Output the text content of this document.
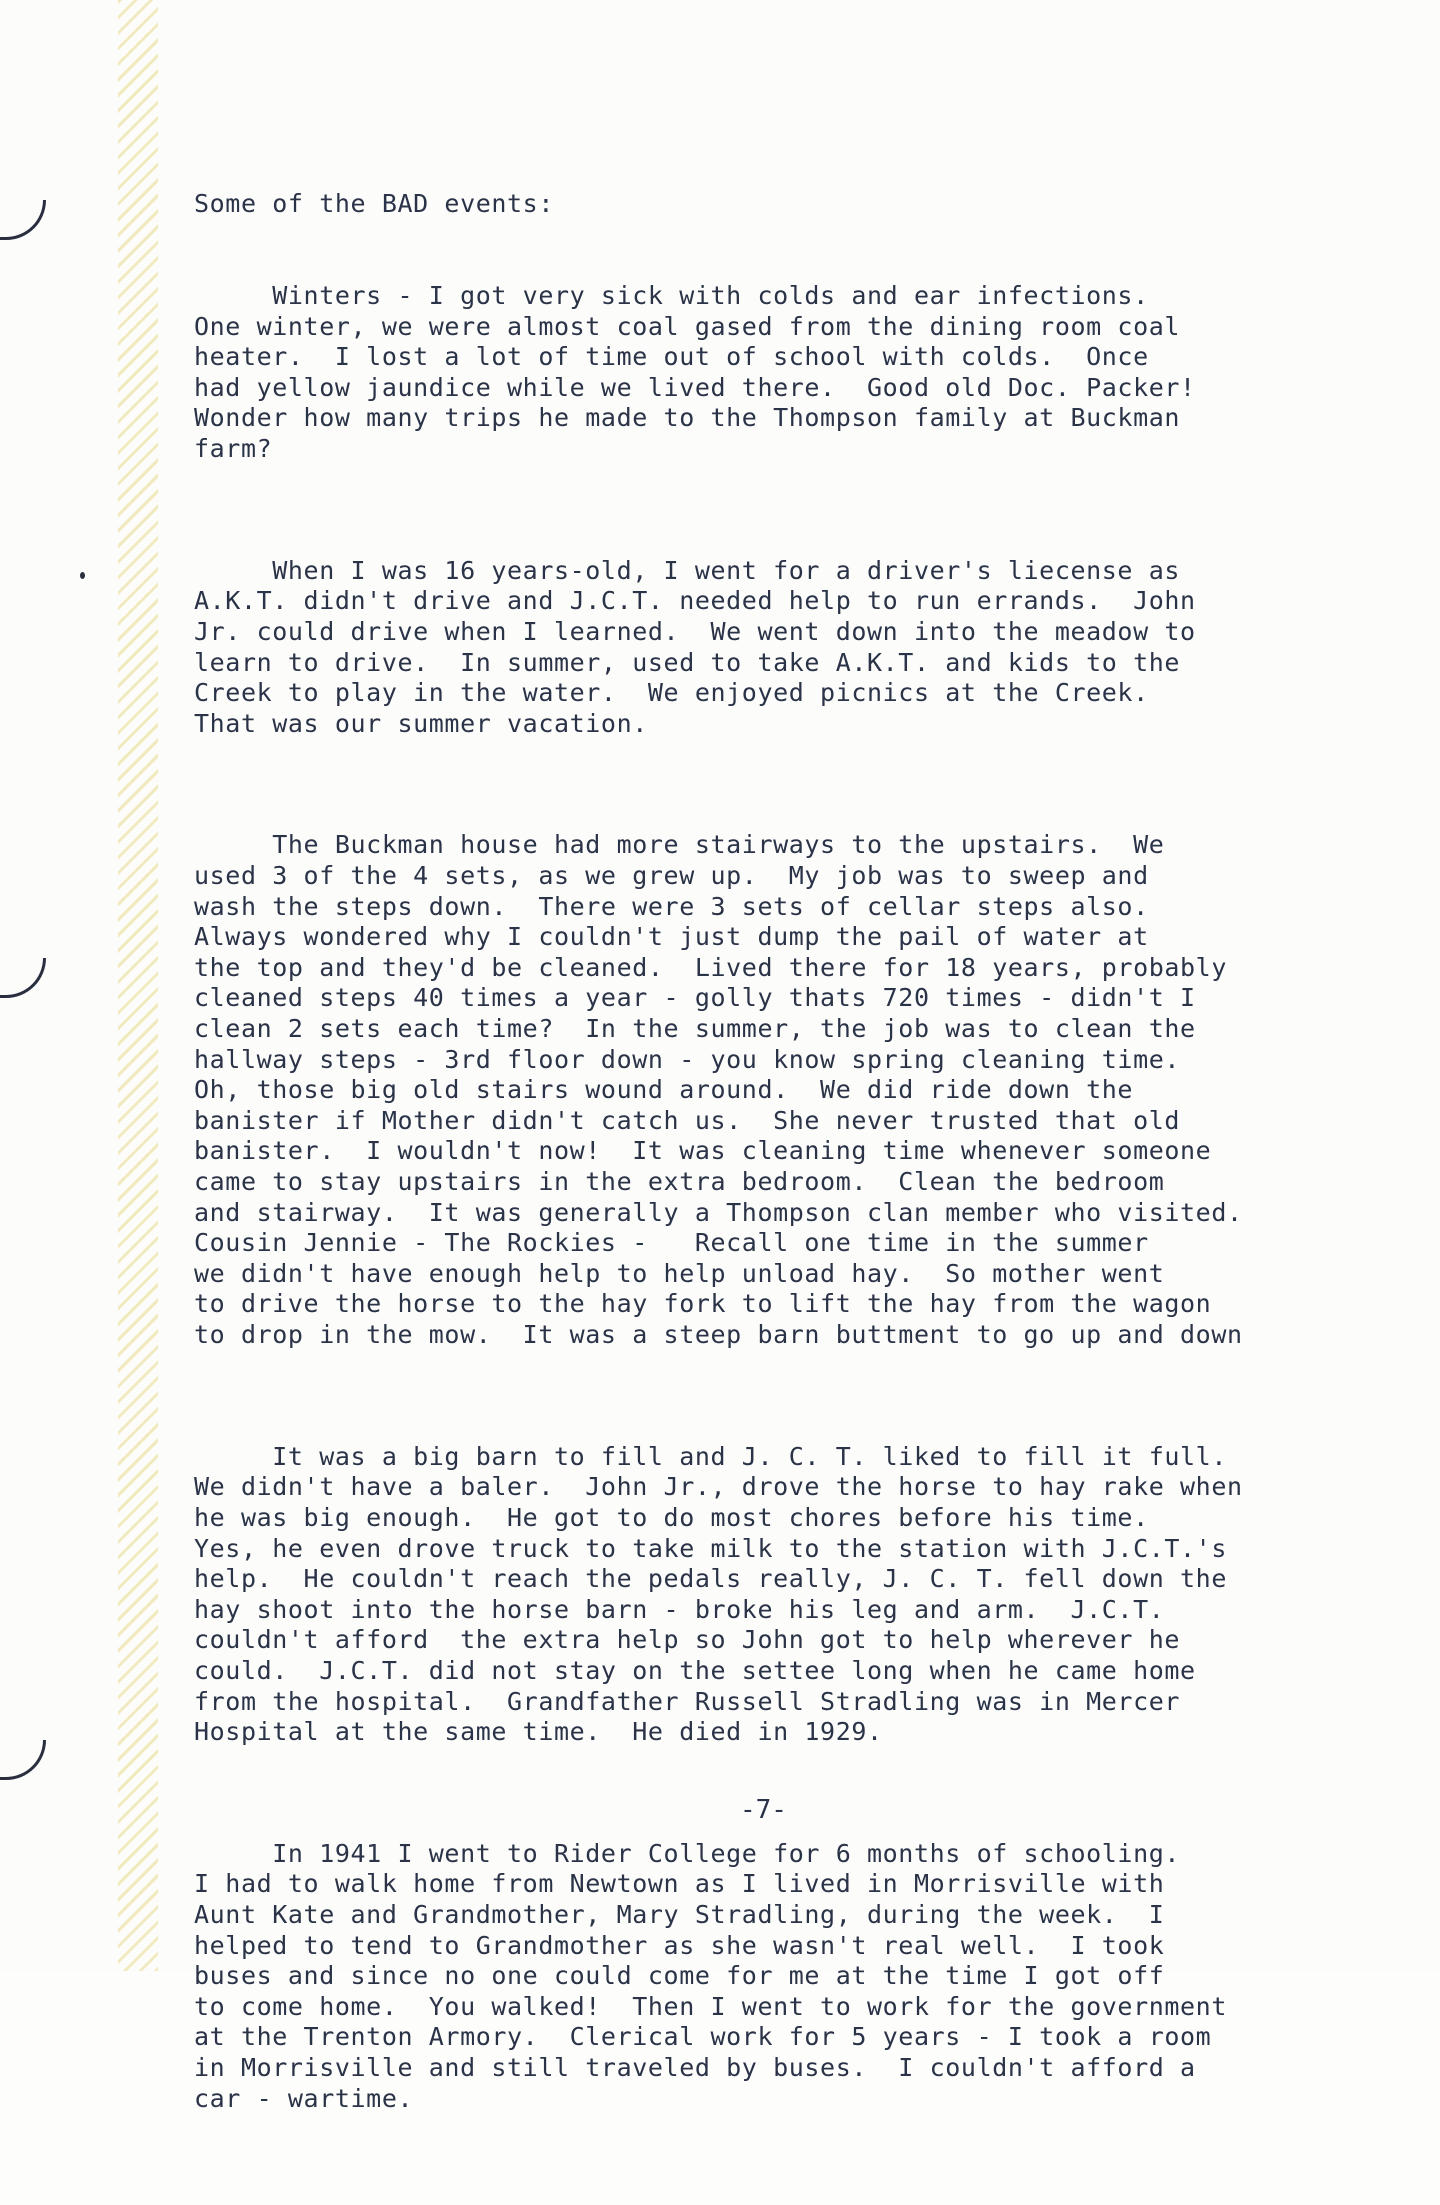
Some of the BAD events:

Winters - I got very sick with colds and ear infections.
One winter, we were almost coal gased from the dining room coal
heater.  I lost a lot of time out of school with colds.  Once
had yellow jaundice while we lived there.  Good old Doc. Packer!
Wonder how many trips he made to the Thompson family at Buckman
farm?

When I was 16 years-old, I went for a driver's liecense as
A.K.T. didn't drive and J.C.T. needed help to run errands.  John
Jr. could drive when I learned.  We went down into the meadow to
learn to drive.  In summer, used to take A.K.T. and kids to the
Creek to play in the water.  We enjoyed picnics at the Creek.
That was our summer vacation.

The Buckman house had more stairways to the upstairs.  We
used 3 of the 4 sets, as we grew up.  My job was to sweep and
wash the steps down.  There were 3 sets of cellar steps also.
Always wondered why I couldn't just dump the pail of water at
the top and they'd be cleaned.  Lived there for 18 years, probably
cleaned steps 40 times a year - golly thats 720 times - didn't I
clean 2 sets each time?  In the summer, the job was to clean the
hallway steps - 3rd floor down - you know spring cleaning time.
Oh, those big old stairs wound around.  We did ride down the
banister if Mother didn't catch us.  She never trusted that old
banister.  I wouldn't now!  It was cleaning time whenever someone
came to stay upstairs in the extra bedroom.  Clean the bedroom
and stairway.  It was generally a Thompson clan member who visited.
Cousin Jennie - The Rockies -   Recall one time in the summer
we didn't have enough help to help unload hay.  So mother went
to drive the horse to the hay fork to lift the hay from the wagon
to drop in the mow.  It was a steep barn buttment to go up and down

It was a big barn to fill and J. C. T. liked to fill it full.
We didn't have a baler.  John Jr., drove the horse to hay rake when
he was big enough.  He got to do most chores before his time.
Yes, he even drove truck to take milk to the station with J.C.T.'s
help.  He couldn't reach the pedals really, J. C. T. fell down the
hay shoot into the horse barn - broke his leg and arm.  J.C.T.
couldn't afford  the extra help so John got to help wherever he
could.  J.C.T. did not stay on the settee long when he came home
from the hospital.  Grandfather Russell Stradling was in Mercer
Hospital at the same time.  He died in 1929.

In 1941 I went to Rider College for 6 months of schooling.
I had to walk home from Newtown as I lived in Morrisville with
Aunt Kate and Grandmother, Mary Stradling, during the week.  I
helped to tend to Grandmother as she wasn't real well.  I took
buses and since no one could come for me at the time I got off
to come home.  You walked!  Then I went to work for the government
at the Trenton Armory.  Clerical work for 5 years - I took a room
in Morrisville and still traveled by buses.  I couldn't afford a
car - wartime.

-7-
